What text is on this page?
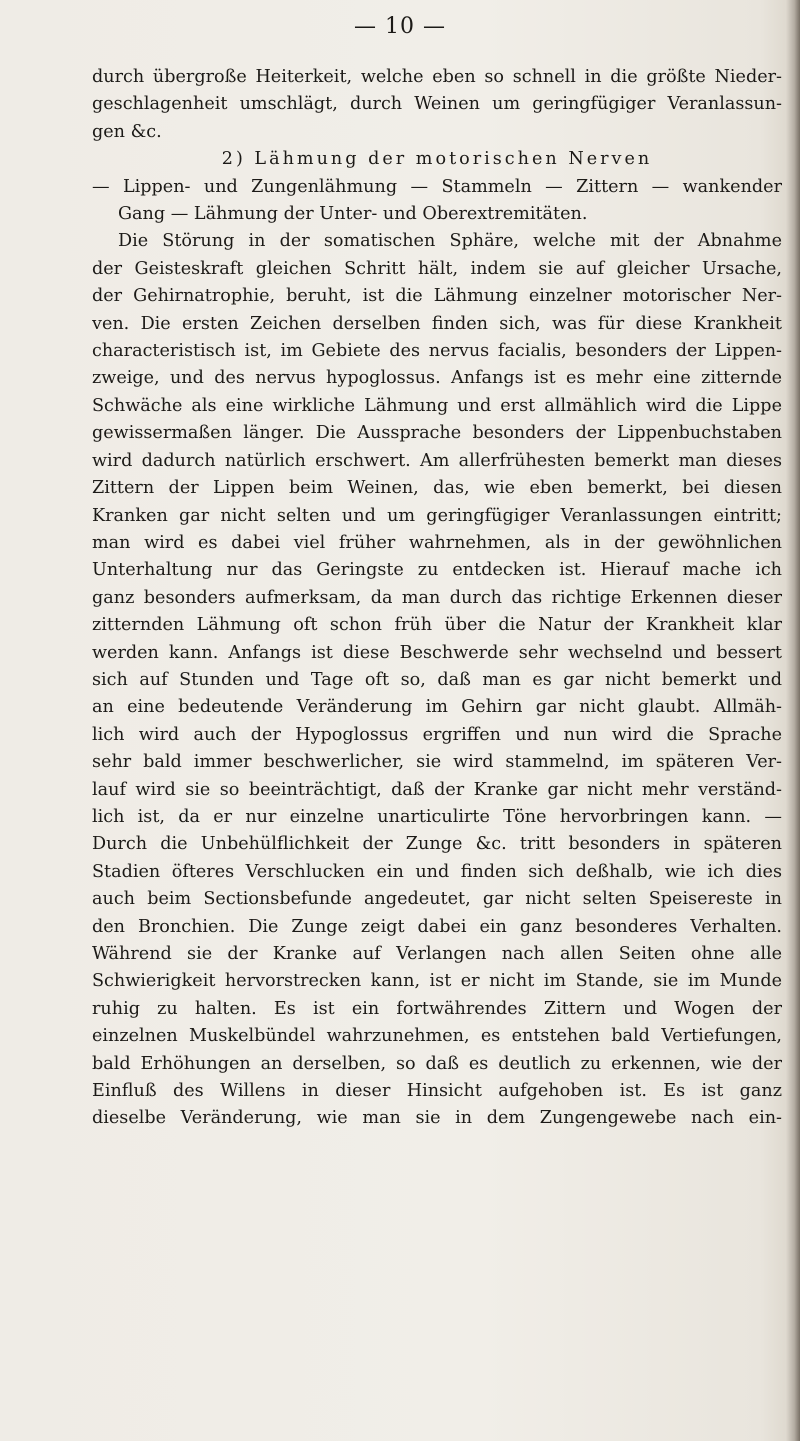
— 10 —
durch übergroße Heiterkeit, welche eben so schnell in die größte Nieder-
geschlagenheit umschlägt, durch Weinen um geringfügiger Veranlassun-
gen &c.
2) Lähmung der motorischen Nerven
— Lippen- und Zungenlähmung — Stammeln — Zittern — wankender
Gang — Lähmung der Unter- und Oberextremitäten.
Die Störung in der somatischen Sphäre, welche mit der Abnahme
der Geisteskraft gleichen Schritt hält, indem sie auf gleicher Ursache,
der Gehirnatrophie, beruht, ist die Lähmung einzelner motorischer Ner-
ven. Die ersten Zeichen derselben finden sich, was für diese Krankheit
characteristisch ist, im Gebiete des nervus facialis, besonders der Lippen-
zweige, und des nervus hypoglossus. Anfangs ist es mehr eine zitternde
Schwäche als eine wirkliche Lähmung und erst allmählich wird die Lippe
gewissermaßen länger. Die Aussprache besonders der Lippenbuchstaben
wird dadurch natürlich erschwert. Am allerfrühesten bemerkt man dieses
Zittern der Lippen beim Weinen, das, wie eben bemerkt, bei diesen
Kranken gar nicht selten und um geringfügiger Veranlassungen eintritt;
man wird es dabei viel früher wahrnehmen, als in der gewöhnlichen
Unterhaltung nur das Geringste zu entdecken ist. Hierauf mache ich
ganz besonders aufmerksam, da man durch das richtige Erkennen dieser
zitternden Lähmung oft schon früh über die Natur der Krankheit klar
werden kann. Anfangs ist diese Beschwerde sehr wechselnd und bessert
sich auf Stunden und Tage oft so, daß man es gar nicht bemerkt und
an eine bedeutende Veränderung im Gehirn gar nicht glaubt. Allmäh-
lich wird auch der Hypoglossus ergriffen und nun wird die Sprache
sehr bald immer beschwerlicher, sie wird stammelnd, im späteren Ver-
lauf wird sie so beeinträchtigt, daß der Kranke gar nicht mehr verständ-
lich ist, da er nur einzelne unarticulirte Töne hervorbringen kann. —
Durch die Unbehülflichkeit der Zunge &c. tritt besonders in späteren
Stadien öfteres Verschlucken ein und finden sich deßhalb, wie ich dies
auch beim Sectionsbefunde angedeutet, gar nicht selten Speisereste in
den Bronchien. Die Zunge zeigt dabei ein ganz besonderes Verhalten.
Während sie der Kranke auf Verlangen nach allen Seiten ohne alle
Schwierigkeit hervorstrecken kann, ist er nicht im Stande, sie im Munde
ruhig zu halten. Es ist ein fortwährendes Zittern und Wogen der
einzelnen Muskelbündel wahrzunehmen, es entstehen bald Vertiefungen,
bald Erhöhungen an derselben, so daß es deutlich zu erkennen, wie der
Einfluß des Willens in dieser Hinsicht aufgehoben ist. Es ist ganz
dieselbe Veränderung, wie man sie in dem Zungengewebe nach ein-
